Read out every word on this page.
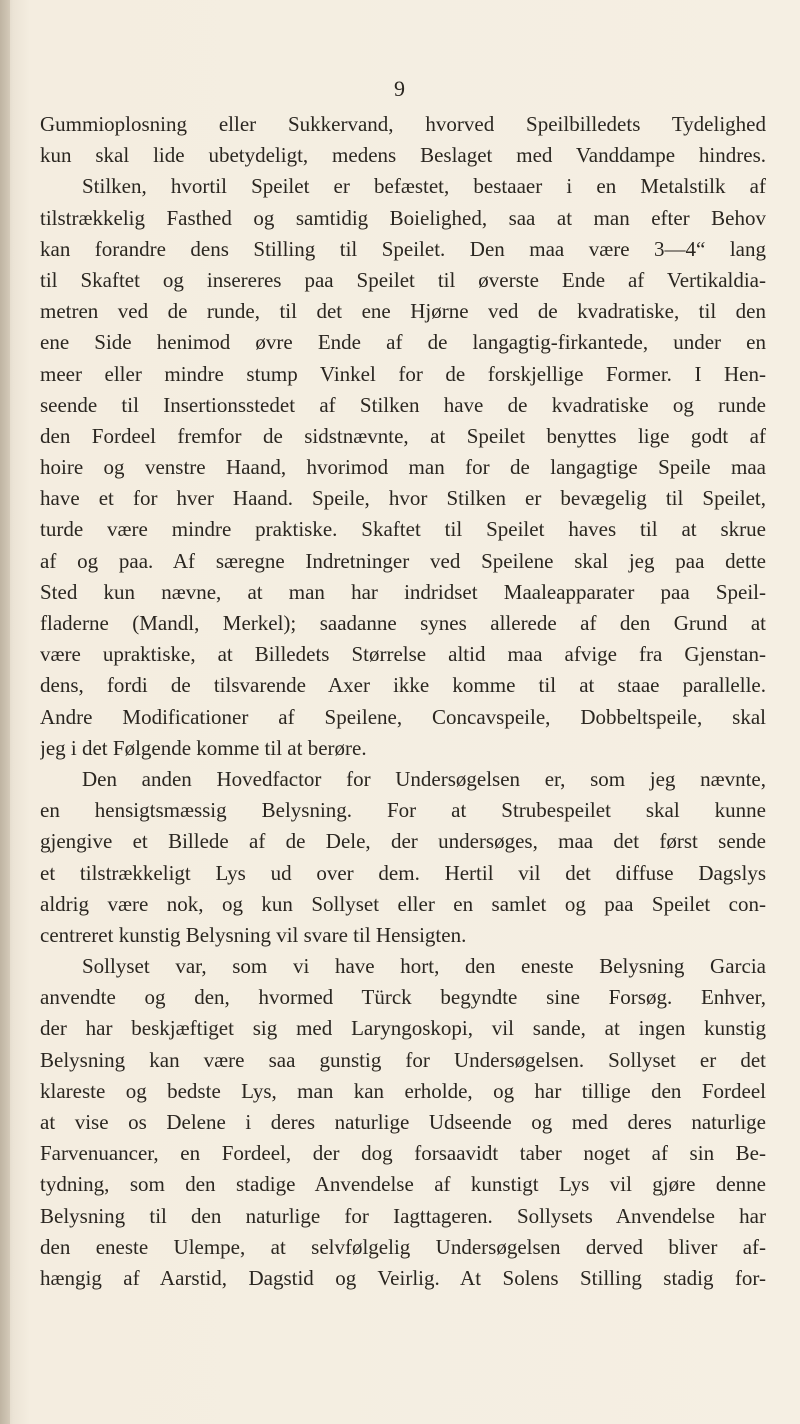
9
Gummioplosning eller Sukkervand, hvorved Speilbilledets Tydelighed
kun skal lide ubetydeligt, medens Beslaget med Vanddampe hindres.
Stilken, hvortil Speilet er befæstet, bestaaer i en Metalstilk af
tilstrækkelig Fasthed og samtidig Boielighed, saa at man efter Behov
kan forandre dens Stilling til Speilet. Den maa være 3—4“ lang
til Skaftet og insereres paa Speilet til øverste Ende af Vertikaldia-
metren ved de runde, til det ene Hjørne ved de kvadratiske, til den
ene Side henimod øvre Ende af de langagtig-firkantede, under en
meer eller mindre stump Vinkel for de forskjellige Former. I Hen-
seende til Insertionsstedet af Stilken have de kvadratiske og runde
den Fordeel fremfor de sidstnævnte, at Speilet benyttes lige godt af
hoire og venstre Haand, hvorimod man for de langagtige Speile maa
have et for hver Haand. Speile, hvor Stilken er bevægelig til Speilet,
turde være mindre praktiske. Skaftet til Speilet haves til at skrue
af og paa. Af særegne Indretninger ved Speilene skal jeg paa dette
Sted kun nævne, at man har indridset Maaleapparater paa Speil-
fladerne (Mandl, Merkel); saadanne synes allerede af den Grund at
være upraktiske, at Billedets Størrelse altid maa afvige fra Gjenstan-
dens, fordi de tilsvarende Axer ikke komme til at staae parallelle.
Andre Modificationer af Speilene, Concavspeile, Dobbeltspeile, skal
jeg i det Følgende komme til at berøre.
Den anden Hovedfactor for Undersøgelsen er, som jeg nævnte,
en hensigtsmæssig Belysning. For at Strubespeilet skal kunne
gjengive et Billede af de Dele, der undersøges, maa det først sende
et tilstrækkeligt Lys ud over dem. Hertil vil det diffuse Dagslys
aldrig være nok, og kun Sollyset eller en samlet og paa Speilet con-
centreret kunstig Belysning vil svare til Hensigten.
Sollyset var, som vi have hort, den eneste Belysning Garcia
anvendte og den, hvormed Türck begyndte sine Forsøg. Enhver,
der har beskjæftiget sig med Laryngoskopi, vil sande, at ingen kunstig
Belysning kan være saa gunstig for Undersøgelsen. Sollyset er det
klareste og bedste Lys, man kan erholde, og har tillige den Fordeel
at vise os Delene i deres naturlige Udseende og med deres naturlige
Farvenuancer, en Fordeel, der dog forsaavidt taber noget af sin Be-
tydning, som den stadige Anvendelse af kunstigt Lys vil gjøre denne
Belysning til den naturlige for Iagttageren. Sollysets Anvendelse har
den eneste Ulempe, at selvfølgelig Undersøgelsen derved bliver af-
hængig af Aarstid, Dagstid og Veirlig. At Solens Stilling stadig for-
